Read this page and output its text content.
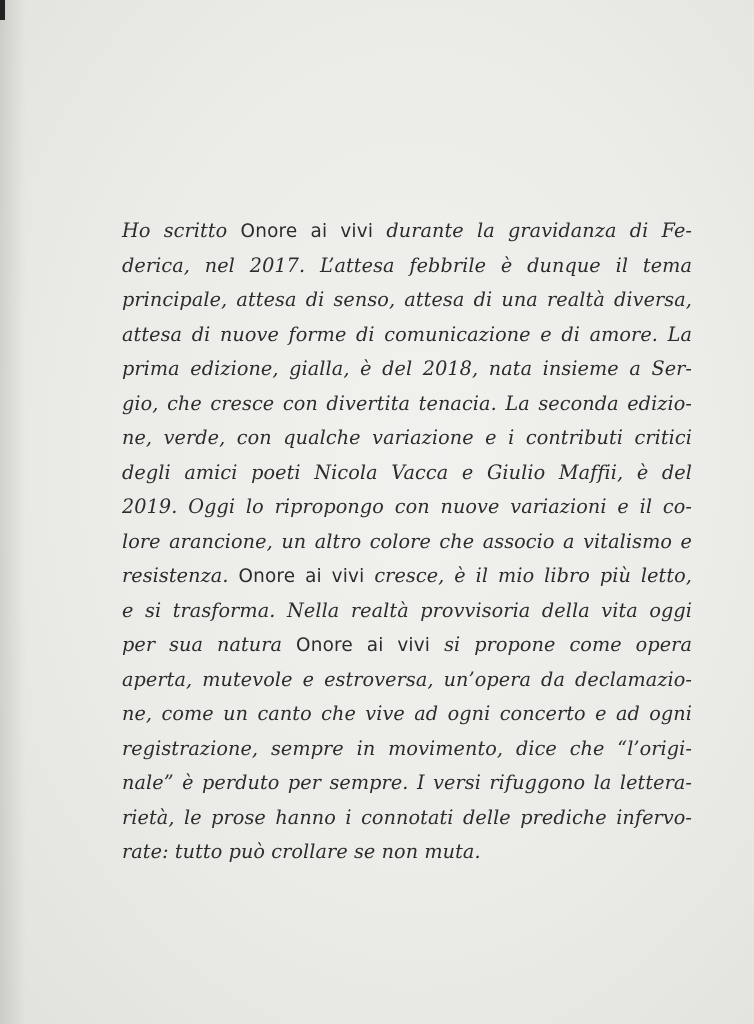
Ho scritto Onore ai vivi durante la gravidanza di Fe-
derica, nel 2017. L’attesa febbrile è dunque il tema
principale, attesa di senso, attesa di una realtà diversa,
attesa di nuove forme di comunicazione e di amore. La
prima edizione, gialla, è del 2018, nata insieme a Ser-
gio, che cresce con divertita tenacia. La seconda edizio-
ne, verde, con qualche variazione e i contributi critici
degli amici poeti Nicola Vacca e Giulio Maffii, è del
2019. Oggi lo ripropongo con nuove variazioni e il co-
lore arancione, un altro colore che associo a vitalismo e
resistenza. Onore ai vivi cresce, è il mio libro più letto,
e si trasforma. Nella realtà provvisoria della vita oggi
per sua natura Onore ai vivi si propone come opera
aperta, mutevole e estroversa, un’opera da declamazio-
ne, come un canto che vive ad ogni concerto e ad ogni
registrazione, sempre in movimento, dice che “l’origi-
nale” è perduto per sempre. I versi rifuggono la lettera-
rietà, le prose hanno i connotati delle prediche infervo-
rate: tutto può crollare se non muta.
